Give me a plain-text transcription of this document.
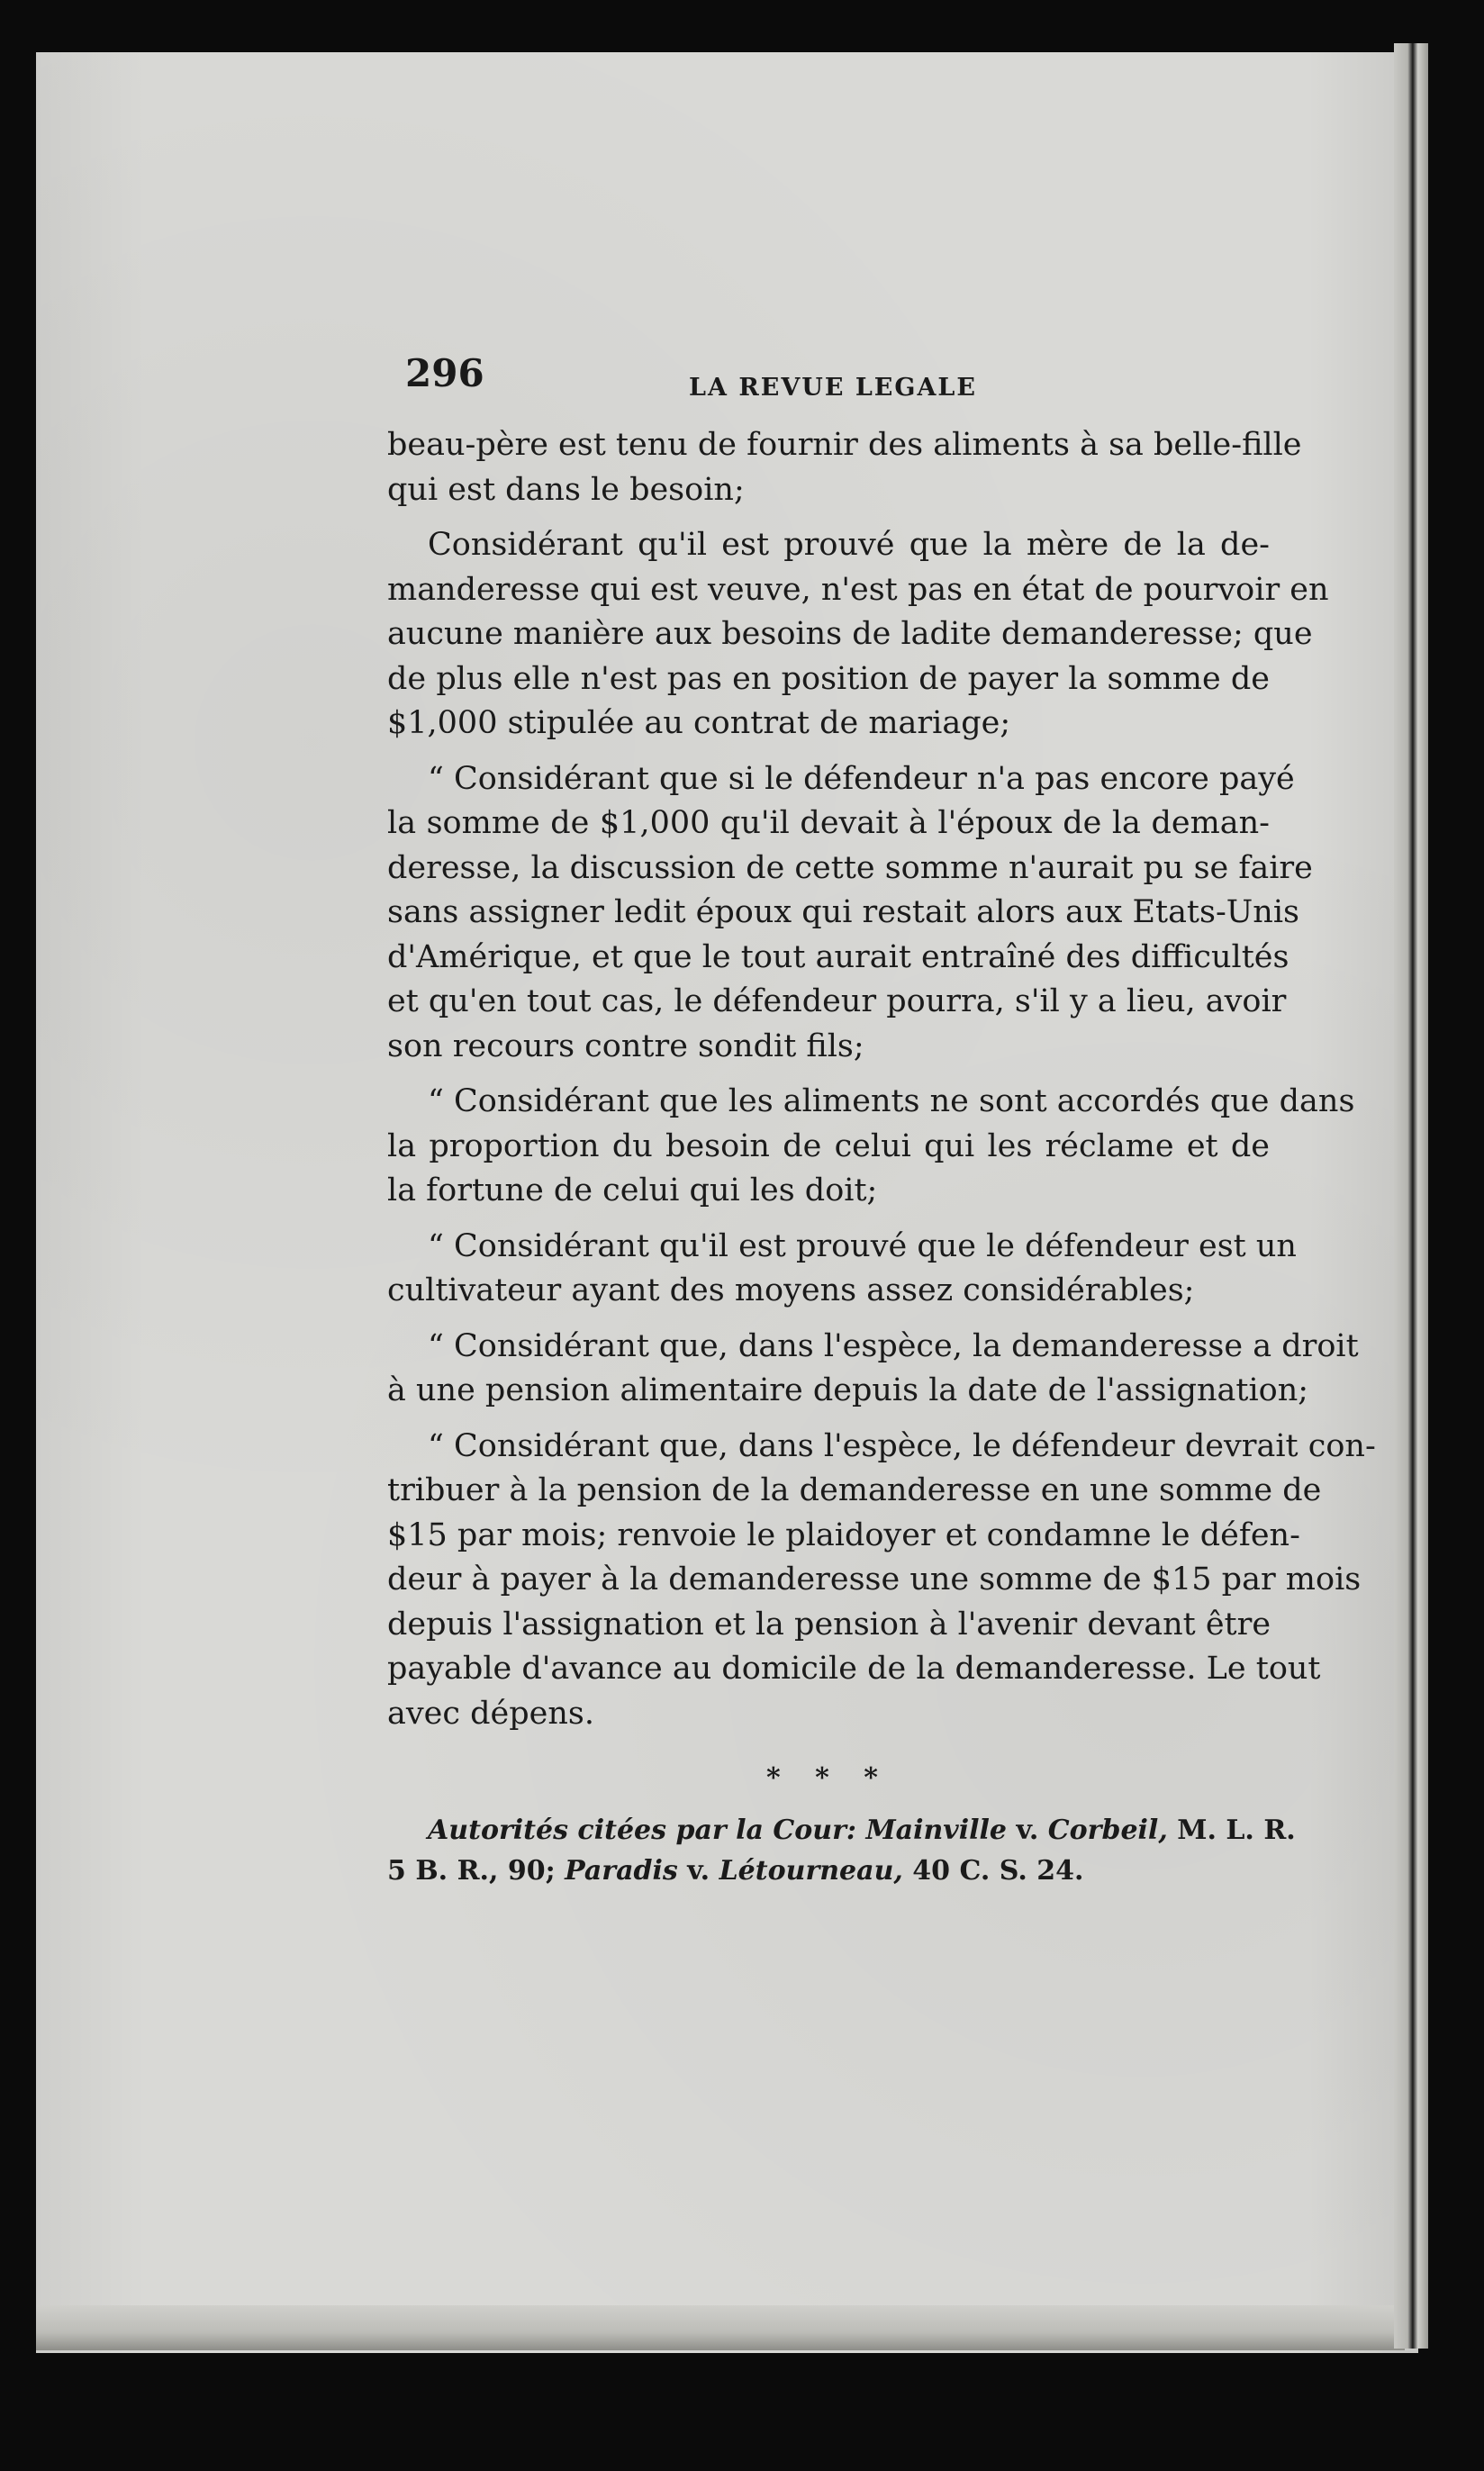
296	LA REVUE LEGALE
beau-père est tenu de fournir des aliments à sa belle-fille
qui est dans le besoin;
Considérant qu'il est prouvé que la mère de la de-
manderesse qui est veuve, n'est pas en état de pourvoir en
aucune manière aux besoins de ladite demanderesse; que
de plus elle n'est pas en position de payer la somme de
$1,000 stipulée au contrat de mariage;
“ Considérant que si le défendeur n'a pas encore payé
la somme de $1,000 qu'il devait à l'époux de la deman-
deresse, la discussion de cette somme n'aurait pu se faire
sans assigner ledit époux qui restait alors aux Etats-Unis
d'Amérique, et que le tout aurait entraîné des difficultés
et qu'en tout cas, le défendeur pourra, s'il y a lieu, avoir
son recours contre sondit fils;
“ Considérant que les aliments ne sont accordés que dans
la proportion du besoin de celui qui les réclame et de
la fortune de celui qui les doit;
“ Considérant qu'il est prouvé que le défendeur est un
cultivateur ayant des moyens assez considérables;
“ Considérant que, dans l'espèce, la demanderesse a droit
à une pension alimentaire depuis la date de l'assignation;
“ Considérant que, dans l'espèce, le défendeur devrait con-
tribuer à la pension de la demanderesse en une somme de
$15 par mois; renvoie le plaidoyer et condamne le défen-
deur à payer à la demanderesse une somme de $15 par mois
depuis l'assignation et la pension à l'avenir devant être
payable d'avance au domicile de la demanderesse. Le tout
avec dépens.
* * *
Autorités citées par la Cour: Mainville v. Corbeil, M. L. R.
5 B. R., 90; Paradis v. Létourneau, 40 C. S. 24.
